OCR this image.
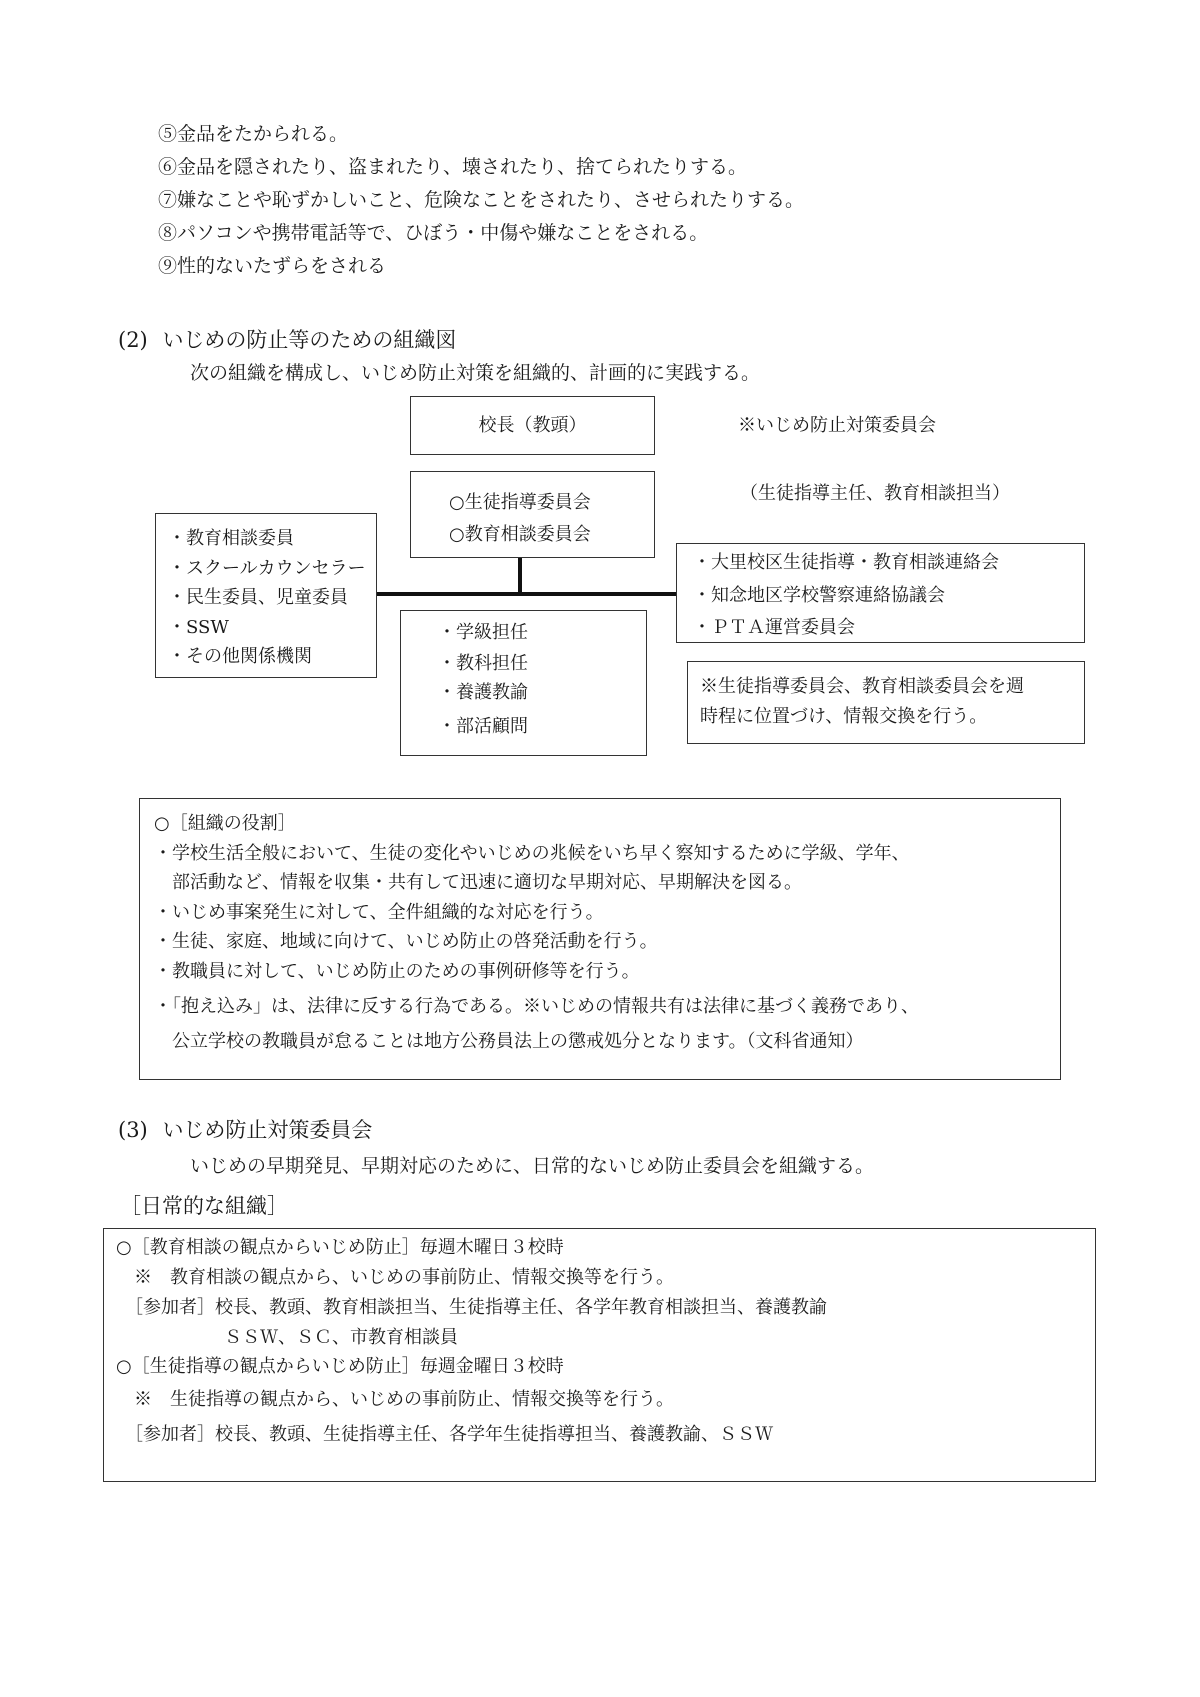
⑤金品をたかられる。
⑥金品を隠されたり、盗まれたり、壊されたり、捨てられたりする。
⑦嫌なことや恥ずかしいこと、危険なことをされたり、させられたりする。
⑧パソコンや携帯電話等で、ひぼう・中傷や嫌なことをされる。
⑨性的ないたずらをされる
(2) いじめの防止等のための組織図
次の組織を構成し、いじめ防止対策を組織的、計画的に実践する。
校長（教頭）	※いじめ防止対策委員会
（生徒指導主任、教育相談担当）
○生徒指導委員会
○教育相談委員会
・教育相談委員
・スクールカウンセラー
・民生委員、児童委員
・SSW
・その他関係機関
・大里校区生徒指導・教育相談連絡会
・知念地区学校警察連絡協議会
・ＰＴＡ運営委員会
・学級担任
・教科担任
・養護教諭
・部活顧問
※生徒指導委員会、教育相談委員会を週
時程に位置づけ、情報交換を行う。
○［組織の役割］
・学校生活全般において、生徒の変化やいじめの兆候をいち早く察知するために学級、学年、
　部活動など、情報を収集・共有して迅速に適切な早期対応、早期解決を図る。
・いじめ事案発生に対して、全件組織的な対応を行う。
・生徒、家庭、地域に向けて、いじめ防止の啓発活動を行う。
・教職員に対して、いじめ防止のための事例研修等を行う。
・「抱え込み」は、法律に反する行為である。※いじめの情報共有は法律に基づく義務であり、
　公立学校の教職員が怠ることは地方公務員法上の懲戒処分となります。（文科省通知）
(3) いじめ防止対策委員会
いじめの早期発見、早期対応のために、日常的ないじめ防止委員会を組織する。
［日常的な組織］
○［教育相談の観点からいじめ防止］毎週木曜日３校時
　※　教育相談の観点から、いじめの事前防止、情報交換等を行う。
　［参加者］校長、教頭、教育相談担当、生徒指導主任、各学年教育相談担当、養護教諭
　　　　　　ＳＳＷ、ＳＣ、市教育相談員
○［生徒指導の観点からいじめ防止］毎週金曜日３校時
　※　生徒指導の観点から、いじめの事前防止、情報交換等を行う。
　［参加者］校長、教頭、生徒指導主任、各学年生徒指導担当、養護教諭、ＳＳＷ
